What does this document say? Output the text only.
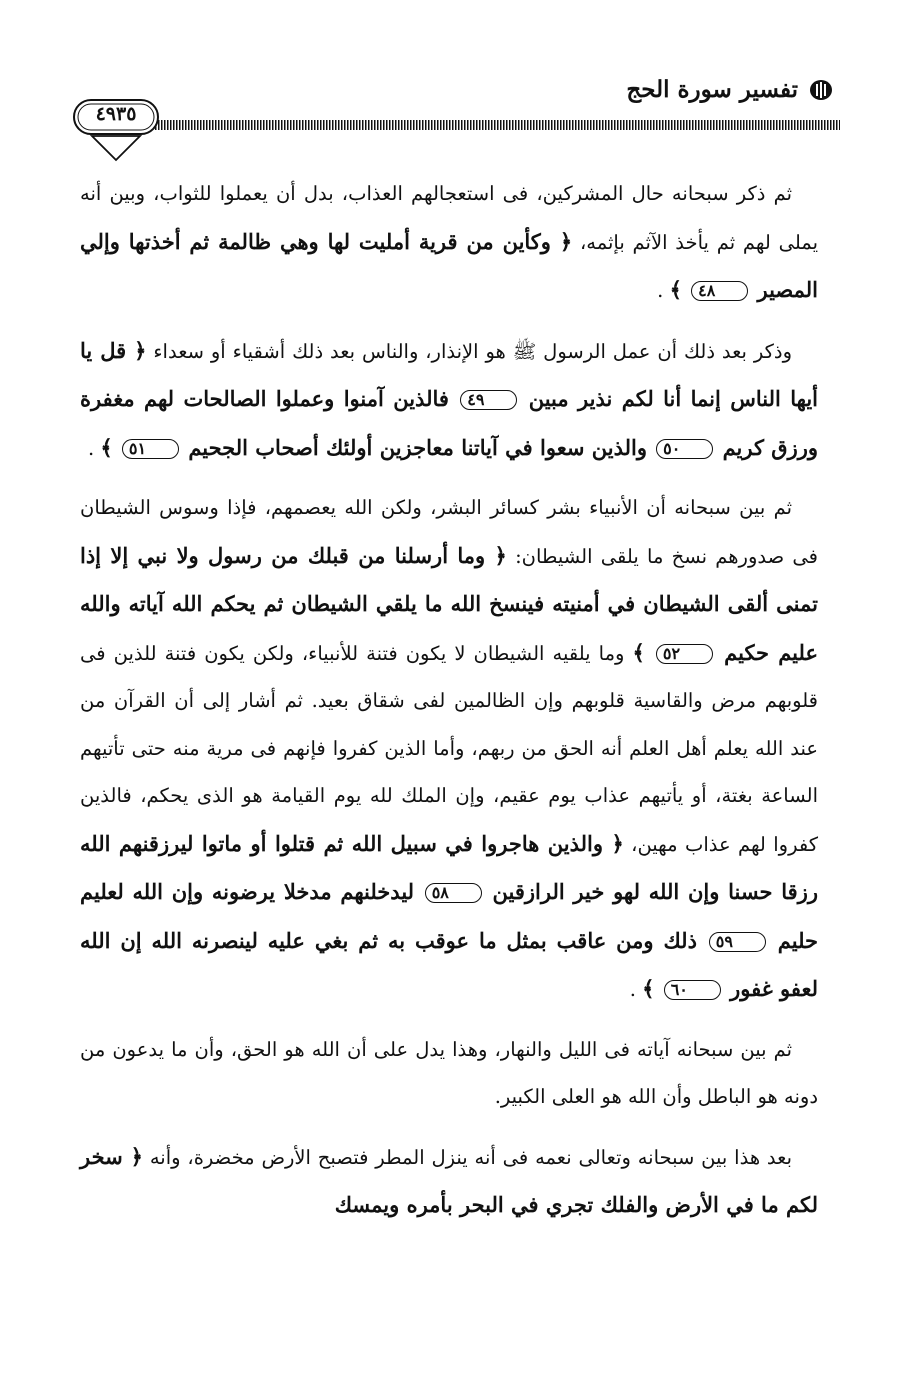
تفسير سورة الحج
٤٩٣٥

ثم ذكر سبحانه حال المشركين، فى استعجالهم العذاب، بدل أن يعملوا للثواب، وبين أنه يملى لهم ثم يأخذ الآثم بإثمه، ﴿ وكأين من قرية أمليت لها وهي ظالمة ثم أخذتها وإلي المصير ٤٨ ﴾ .

وذكر بعد ذلك أن عمل الرسول ﷺ هو الإنذار، والناس بعد ذلك أشقياء أو سعداء ﴿ قل يا أيها الناس إنما أنا لكم نذير مبين ٤٩ فالذين آمنوا وعملوا الصالحات لهم مغفرة ورزق كريم ٥٠ والذين سعوا في آياتنا معاجزين أولئك أصحاب الجحيم ٥١ ﴾ .

ثم بين سبحانه أن الأنبياء بشر كسائر البشر، ولكن الله يعصمهم، فإذا وسوس الشيطان فى صدورهم نسخ ما يلقى الشيطان: ﴿ وما أرسلنا من قبلك من رسول ولا نبي إلا إذا تمنى ألقى الشيطان في أمنيته فينسخ الله ما يلقي الشيطان ثم يحكم الله آياته والله عليم حكيم ٥٢ ﴾ وما يلقيه الشيطان لا يكون فتنة للأنبياء، ولكن يكون فتنة للذين فى قلوبهم مرض والقاسية قلوبهم وإن الظالمين لفى شقاق بعيد. ثم أشار إلى أن القرآن من عند الله يعلم أهل العلم أنه الحق من ربهم، وأما الذين كفروا فإنهم فى مرية منه حتى تأتيهم الساعة بغتة، أو يأتيهم عذاب يوم عقيم، وإن الملك لله يوم القيامة هو الذى يحكم، فالذين كفروا لهم عذاب مهين، ﴿ والذين هاجروا في سبيل الله ثم قتلوا أو ماتوا ليرزقنهم الله رزقا حسنا وإن الله لهو خير الرازقين ٥٨ ليدخلنهم مدخلا يرضونه وإن الله لعليم حليم ٥٩ ذلك ومن عاقب بمثل ما عوقب به ثم بغي عليه لينصرنه الله إن الله لعفو غفور ٦٠ ﴾ .

ثم بين سبحانه آياته فى الليل والنهار، وهذا يدل على أن الله هو الحق، وأن ما يدعون من دونه هو الباطل وأن الله هو العلى الكبير.

بعد هذا بين سبحانه وتعالى نعمه فى أنه ينزل المطر فتصبح الأرض مخضرة، وأنه ﴿ سخر لكم ما في الأرض والفلك تجري في البحر بأمره ويمسك
